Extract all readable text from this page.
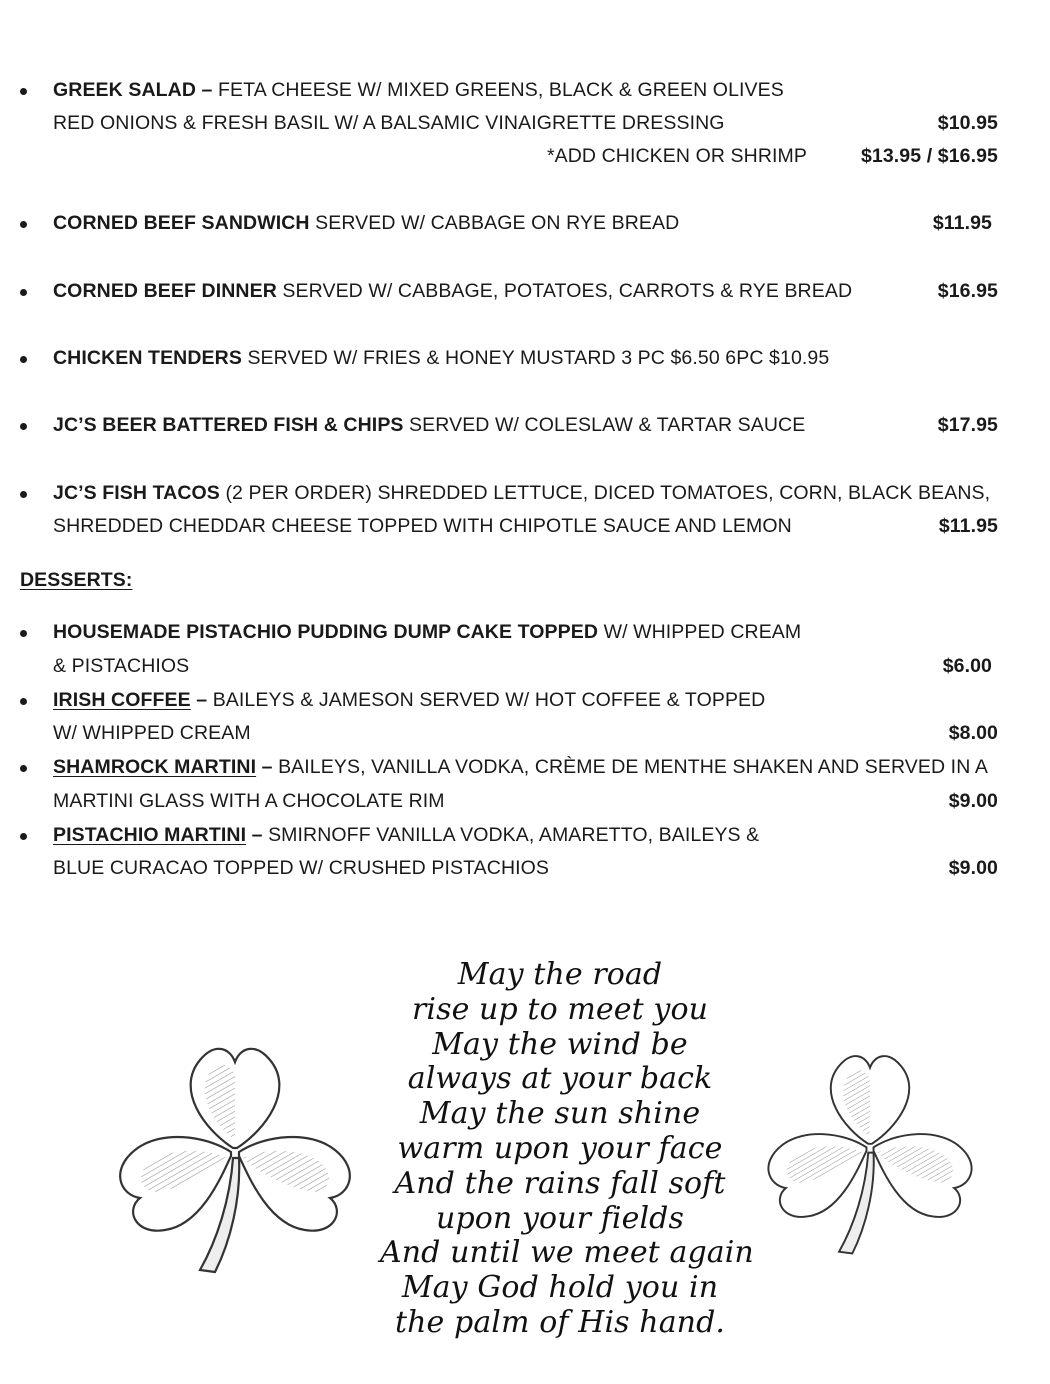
GREEK SALAD – FETA CHEESE W/ MIXED GREENS, BLACK & GREEN OLIVES
RED ONIONS & FRESH BASIL W/ A BALSAMIC VINAIGRETTE DRESSING	$10.95
*ADD CHICKEN OR SHRIMP	$13.95 / $16.95
CORNED BEEF SANDWICH SERVED W/ CABBAGE ON RYE BREAD	$11.95
CORNED BEEF DINNER SERVED W/ CABBAGE, POTATOES, CARROTS & RYE BREAD	$16.95
CHICKEN TENDERS SERVED W/ FRIES & HONEY MUSTARD 3 PC $6.50 6PC $10.95
JC’S BEER BATTERED FISH & CHIPS SERVED W/ COLESLAW & TARTAR SAUCE	$17.95
JC’S FISH TACOS (2 PER ORDER) SHREDDED LETTUCE, DICED TOMATOES, CORN, BLACK BEANS,
SHREDDED CHEDDAR CHEESE TOPPED WITH CHIPOTLE SAUCE AND LEMON	$11.95
DESSERTS:
HOUSEMADE PISTACHIO PUDDING DUMP CAKE TOPPED W/ WHIPPED CREAM
& PISTACHIOS	$6.00
IRISH COFFEE – BAILEYS & JAMESON SERVED W/ HOT COFFEE & TOPPED
W/ WHIPPED CREAM	$8.00
SHAMROCK MARTINI – BAILEYS, VANILLA VODKA, CRÈME DE MENTHE SHAKEN AND SERVED IN A
MARTINI GLASS WITH A CHOCOLATE RIM	$9.00
PISTACHIO MARTINI – SMIRNOFF VANILLA VODKA, AMARETTO, BAILEYS &
BLUE CURACAO TOPPED W/ CRUSHED PISTACHIOS	$9.00
May the road
rise up to meet you
May the wind be
always at your back
May the sun shine
warm upon your face
And the rains fall soft
upon your fields
And until we meet again
May God hold you in
the palm of His hand.
